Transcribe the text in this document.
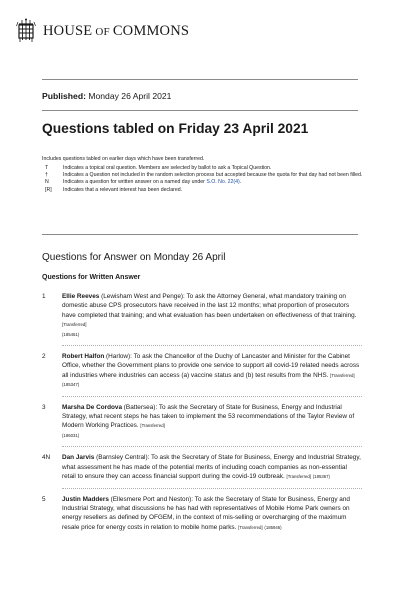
HOUSE OF COMMONS
Published: Monday 26 April 2021
Questions tabled on Friday 23 April 2021
Includes questions tabled on earlier days which have been transferred.
T	Indicates a topical oral question. Members are selected by ballot to ask a Topical Question.
†	Indicates a Question not included in the random selection process but accepted because the quota for that day had not been filled.
N	Indicates a question for written answer on a named day under S.O. No. 22(4).
[R]	Indicates that a relevant interest has been declared.
Questions for Answer on Monday 26 April
Questions for Written Answer
1	Ellie Reeves (Lewisham West and Penge): To ask the Attorney General, what mandatory training on domestic abuse CPS prosecutors have received in the last 12 months; what proportion of prosecutors have completed that training; and what evaluation has been undertaken on effectiveness of that training. [Transferred]
(185461)
2	Robert Halfon (Harlow): To ask the Chancellor of the Duchy of Lancaster and Minister for the Cabinet Office, whether the Government plans to provide one service to support all covid-19 related needs across all industries where industries can access (a) vaccine status and (b) test results from the NHS. [Transferred] (185347)
3	Marsha De Cordova (Battersea): To ask the Secretary of State for Business, Energy and Industrial Strategy, what recent steps he has taken to implement the 53 recommendations of the Taylor Review of Modern Working Practices. [Transferred]
(186031)
4N	Dan Jarvis (Barnsley Central): To ask the Secretary of State for Business, Energy and Industrial Strategy, what assessment he has made of the potential merits of including coach companies as non-essential retail to ensure they can access financial support during the covid-19 outbreak. [Transferred] (185367)
5	Justin Madders (Ellesmere Port and Neston): To ask the Secretary of State for Business, Energy and Industrial Strategy, what discussions he has had with representatives of Mobile Home Park owners on energy resellers as defined by OFGEM, in the context of mis-selling or overcharging of the maximum resale price for energy costs in relation to mobile home parks. [Transferred] (185946)
